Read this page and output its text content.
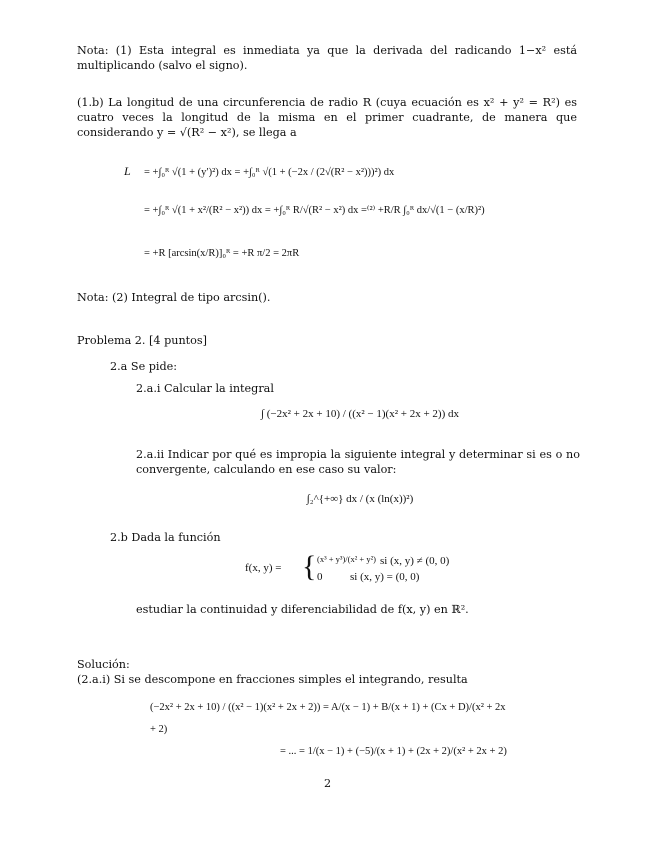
Nota: (1) Esta integral es inmediata ya que la derivada del radicando 1−x² está multiplicando (salvo el signo).
(1.b) La longitud de una circunferencia de radio R (cuya ecuación es x² + y² = R²) es cuatro veces la longitud de la misma en el primer cuadrante, de manera que considerando y = √(R² − x²), se llega a
L = +∫₀ᴿ √(1 + (y′)²) dx = +∫₀ᴿ √(1 + (−2x / (2√(R² − x²)))²) dx
= +∫₀ᴿ √(1 + x²/(R² − x²)) dx = +∫₀ᴿ R/√(R² − x²) dx =⁽²⁾ +R/R ∫₀ᴿ dx/√(1 − (x/R)²)
= +R [arcsin(x/R)]₀ᴿ = +R π/2 = 2πR
Nota: (2) Integral de tipo arcsin().
Problema 2. [4 puntos]
2.a Se pide:
2.a.i Calcular la integral
∫ (−2x² + 2x + 10) / ((x² − 1)(x² + 2x + 2)) dx
2.a.ii Indicar por qué es impropia la siguiente integral y determinar si es o no convergente, calculando en ese caso su valor:
∫₂^{+∞} dx / (x (ln(x))²)
2.b Dada la función
f(x, y) = { (x³ + y³)/(x² + y²) si (x, y) ≠ (0, 0)
0	si (x, y) = (0, 0)
estudiar la continuidad y diferenciabilidad de f(x, y) en ℝ².
Solución:
(2.a.i) Si se descompone en fracciones simples el integrando, resulta
(−2x² + 2x + 10) / ((x² − 1)(x² + 2x + 2)) = A/(x − 1) + B/(x + 1) + (Cx + D)/(x² + 2x + 2)
= ... = 1/(x − 1) + (−5)/(x + 1) + (2x + 2)/(x² + 2x + 2)
2
